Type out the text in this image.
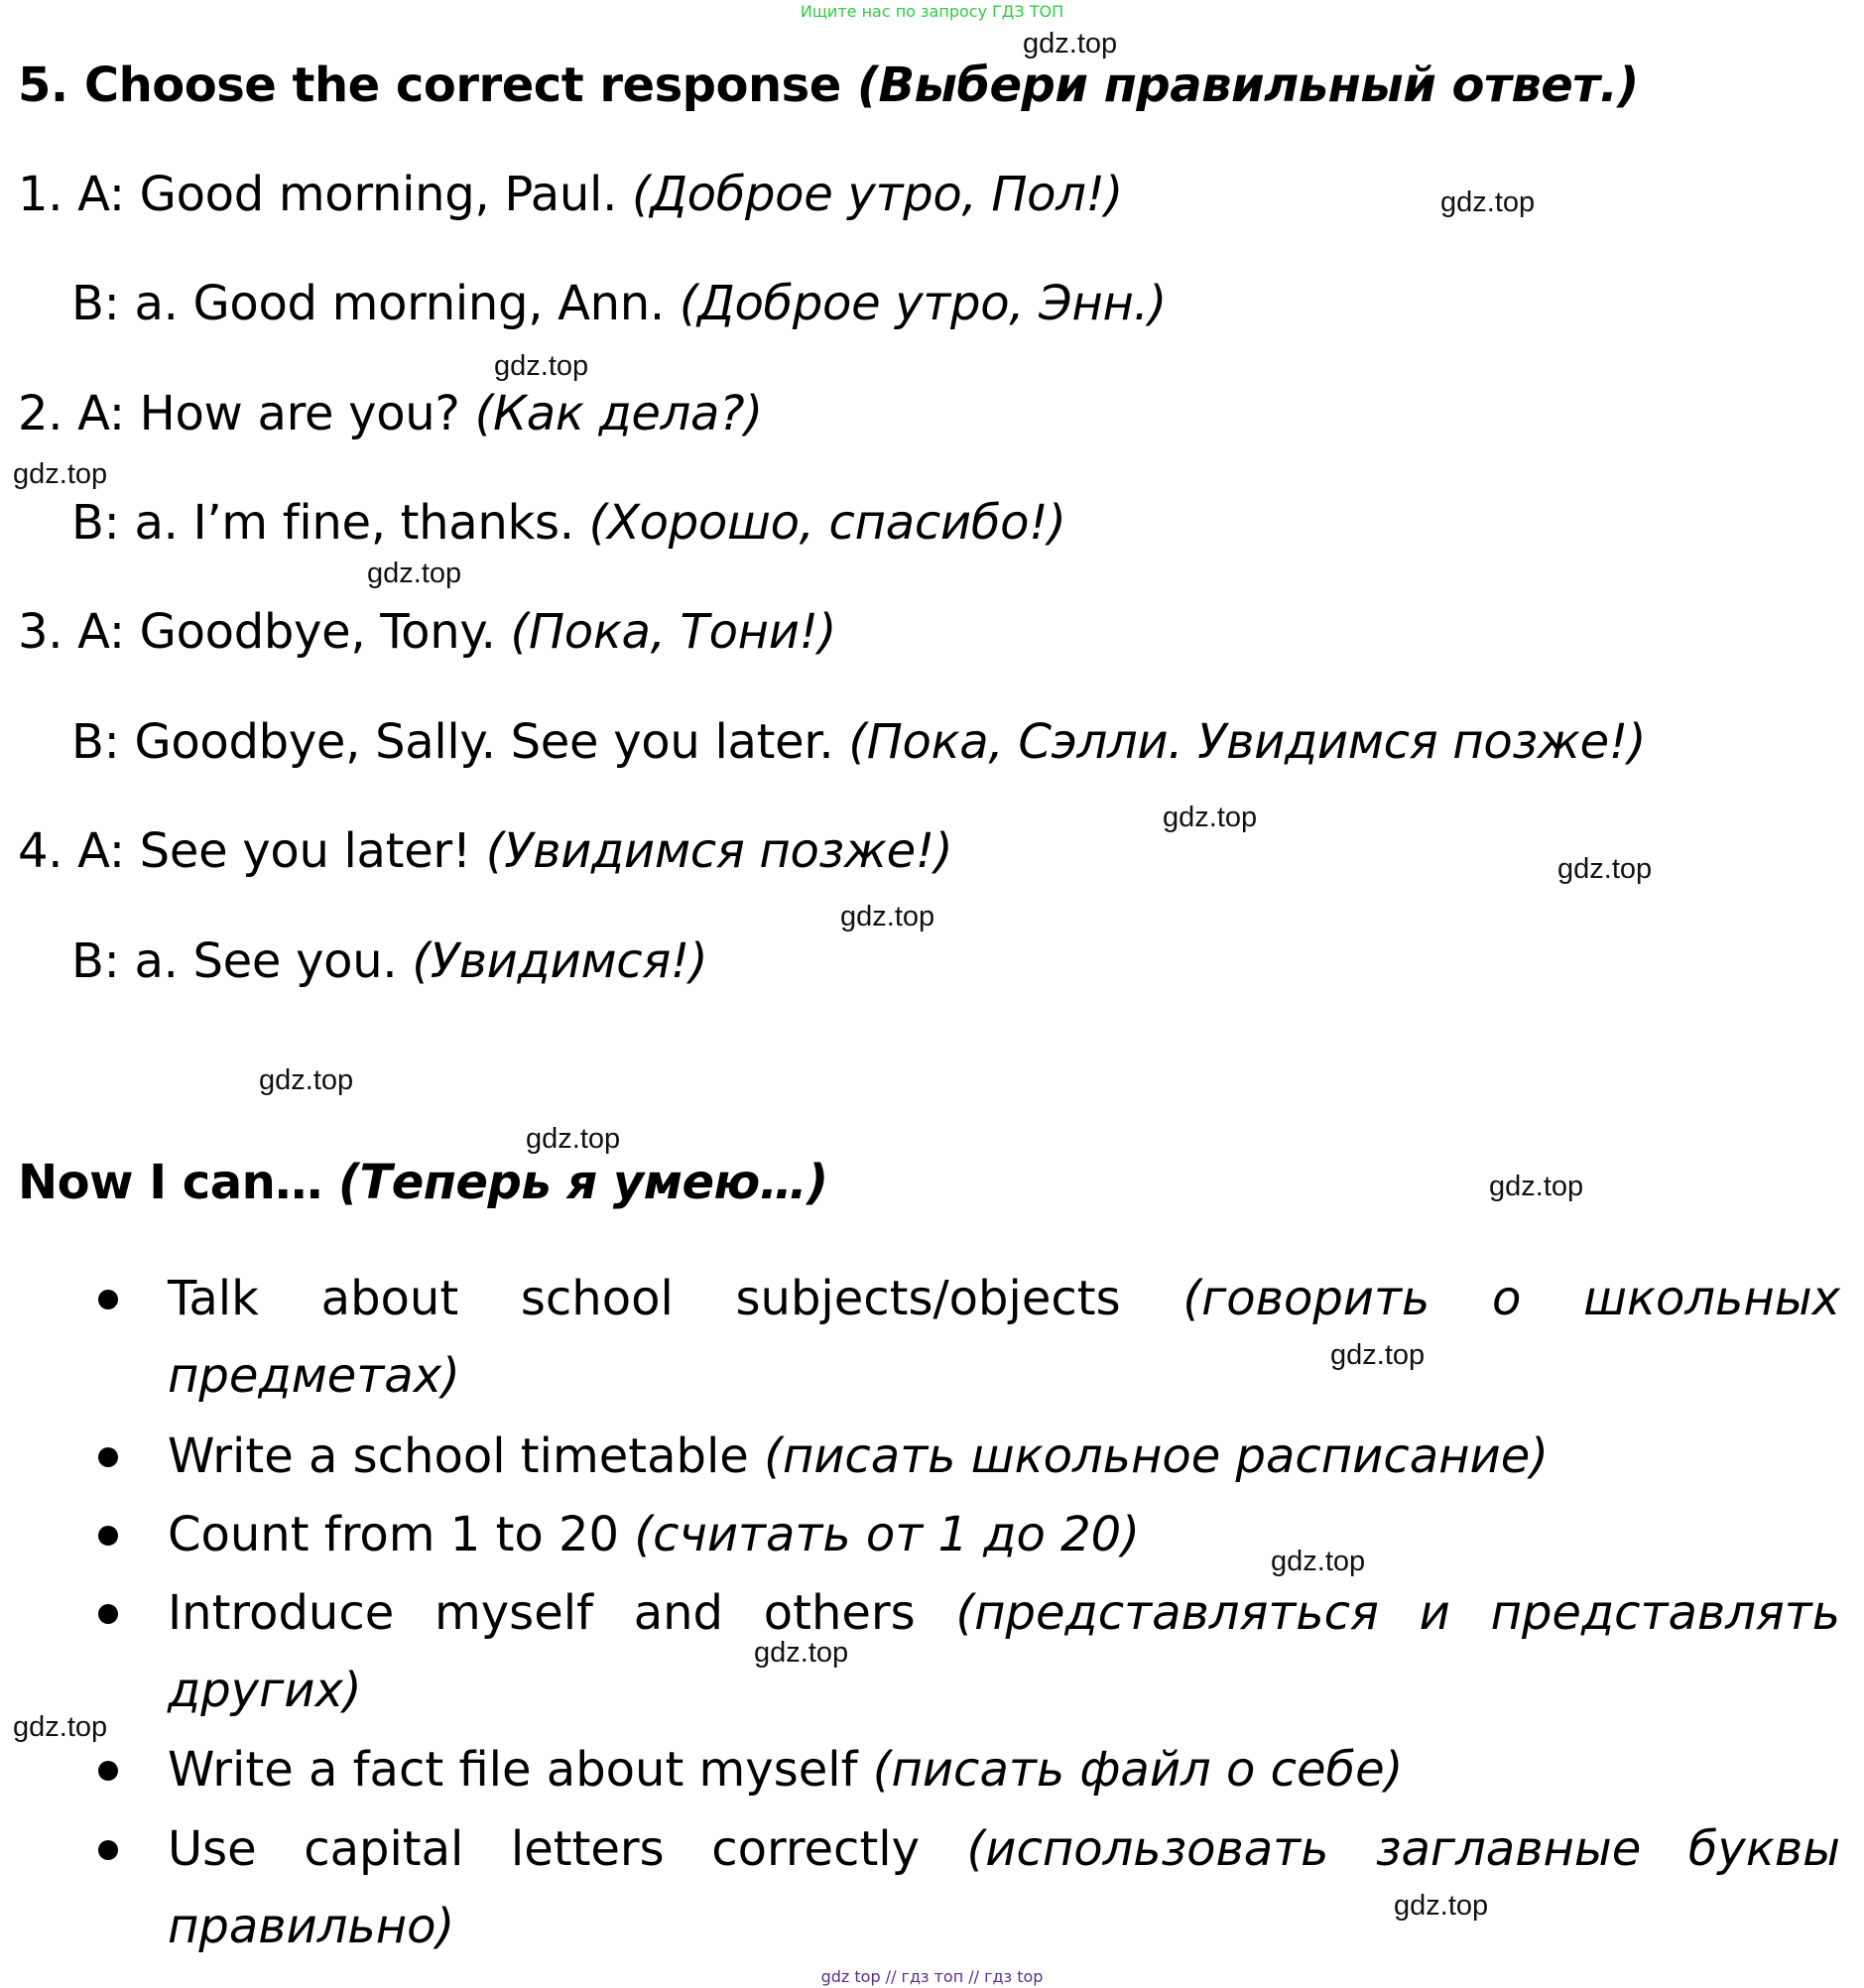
Ищите нас по запросу ГДЗ ТОП
gdz.top
gdz.top
gdz.top
gdz.top
gdz.top
gdz.top
gdz.top
gdz.top
gdz.top
gdz.top
gdz.top
gdz.top
gdz.top
gdz.top
gdz.top
gdz.top
5. Choose the correct response (Выбери правильный ответ.)
1. A: Good morning, Paul. (Доброе утро, Пол!)
B: a. Good morning, Ann. (Доброе утро, Энн.)
2. A: How are you? (Как дела?)
B: a. I’m fine, thanks. (Хорошо, спасибо!)
3. A: Goodbye, Tony. (Пока, Тони!)
B: Goodbye, Sally. See you later. (Пока, Сэлли. Увидимся позже!)
4. A: See you later! (Увидимся позже!)
B: a. See you. (Увидимся!)
Now I can… (Теперь я умею…)
Talk about school subjects/objects (говорить о школьных предметах)
Write a school timetable (писать школьное расписание)
Count from 1 to 20 (считать от 1 до 20)
Introduce myself and others (представляться и представлять других)
Write a fact file about myself (писать файл о себе)
Use capital letters correctly (использовать заглавные буквы правильно)
gdz top // гдз топ // гдз top
